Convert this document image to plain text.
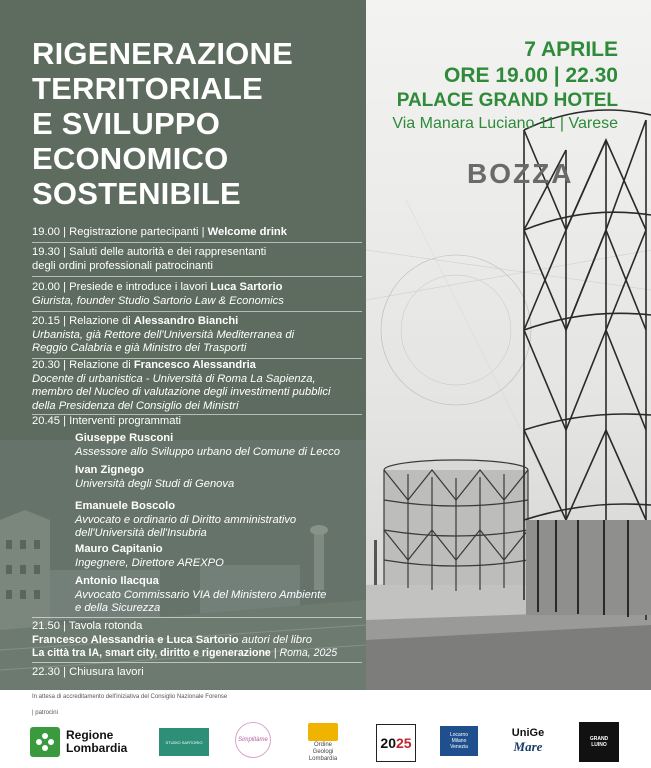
RIGENERAZIONE
TERRITORIALE
E SVILUPPO
ECONOMICO
SOSTENIBILE
19.00 | Registrazione partecipanti | Welcome drink
19.30 | Saluti delle autorità e dei rappresentanti
degli ordini professionali patrocinanti
20.00 | Presiede e introduce i lavori Luca Sartorio
Giurista, founder Studio Sartorio Law & Economics
20.15 | Relazione di Alessandro Bianchi
Urbanista, già Rettore dell'Università Mediterranea di Reggio Calabria e già Ministro dei Trasporti
20.30 | Relazione di Francesco Alessandria
Docente di urbanistica - Università di Roma La Sapienza, membro del Nucleo di valutazione degli investimenti pubblici della Presidenza del Consiglio dei Ministri
20.45 | Interventi programmati
Giuseppe Rusconi
Assessore allo Sviluppo urbano del Comune di Lecco
Ivan Zignego
Università degli Studi di Genova
Emanuele Boscolo
Avvocato e ordinario di Diritto amministrativo dell'Università dell'Insubria
Mauro Capitanio
Ingegnere, Direttore AREXPO
Antonio Ilacqua
Avvocato Commissario VIA del Ministero Ambiente e della Sicurezza
21.50 | Tavola rotonda
Francesco Alessandria e Luca Sartorio autori del libro
La città tra IA, smart city, diritto e rigenerazione | Roma, 2025
22.30 | Chiusura lavori
7 APRILE
ORE 19.00 | 22.30
PALACE GRAND HOTEL
Via Manara Luciano 11 | Varese
BOZZA
In attesa di accreditamento dell'iniziativa del Consiglio Nazionale Forense
| patrocini
Regione
Lombardia	STUDIO SARTORIO	Simplitàme
Ordine
Geologi
Lombardia
2025	Locarno
Milano
Venezia
UniGe
Mare	GRAND
LUINO
